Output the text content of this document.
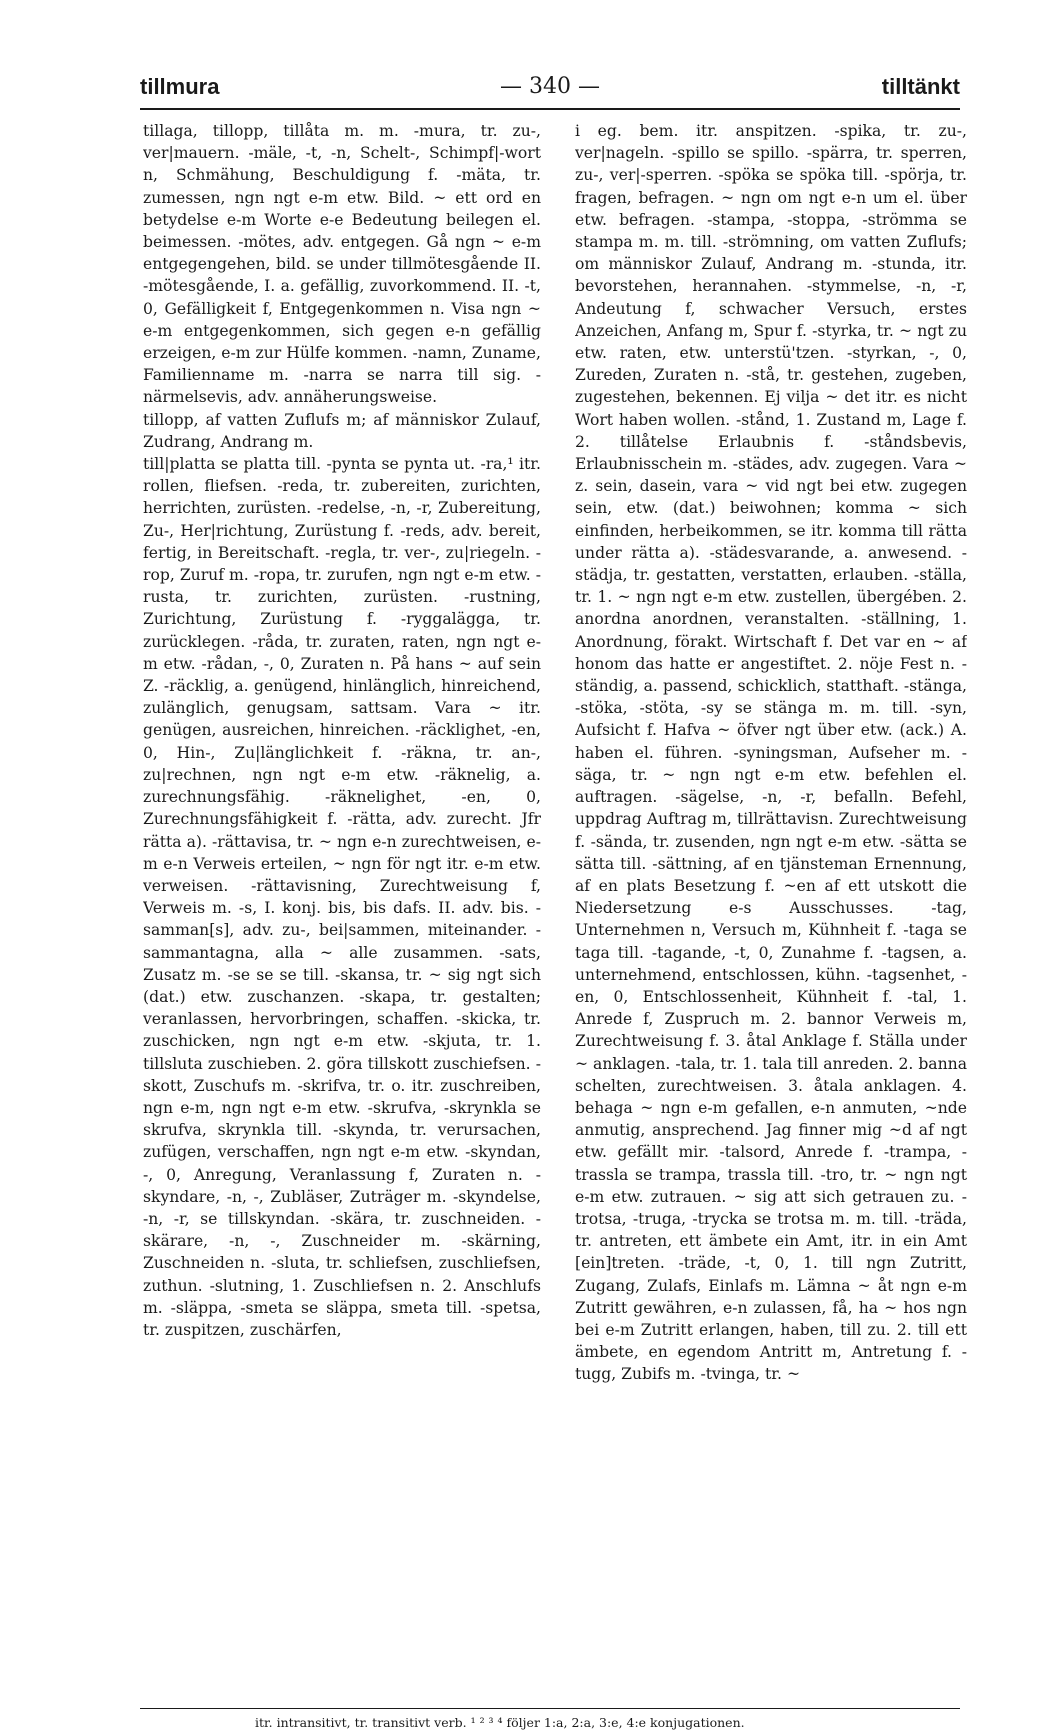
tillmura	— 340 —	tilltänkt

tillaga, tillopp, tillåta m. m. -mura, tr. zu-, ver|mauern. -mäle, -t, -n, Schelt-, Schimpf|-wort n, Schmähung, Beschuldigung f. -mäta, tr. zumessen, ngn ngt e-m etw. Bild. ~ ett ord en betydelse e-m Worte e-e Bedeutung beilegen el. beimessen. -mötes, adv. entgegen. Gå ngn ~ e-m entgegengehen, bild. se under tillmötesgående II. -mötesgående, I. a. gefällig, zuvorkommend. II. -t, 0, Gefälligkeit f, Entgegenkommen n. Visa ngn ~ e-m entgegenkommen, sich gegen e-n gefällig erzeigen, e-m zur Hülfe kommen. -namn, Zuname, Familienname m. -narra se narra till sig. -närmelsevis, adv. annäherungsweise.

tillopp, af vatten Zuflufs m; af människor Zulauf, Zudrang, Andrang m.

till|platta se platta till. -pynta se pynta ut. -ra,¹ itr. rollen, fliefsen. -reda, tr. zubereiten, zurichten, herrichten, zurüsten. -redelse, -n, -r, Zubereitung, Zu-, Her|richtung, Zurüstung f. -reds, adv. bereit, fertig, in Bereitschaft. -regla, tr. ver-, zu|riegeln. -rop, Zuruf m. -ropa, tr. zurufen, ngn ngt e-m etw. -rusta, tr. zurichten, zurüsten. -rustning, Zurichtung, Zurüstung f. -ryggalägga, tr. zurücklegen. -råda, tr. zuraten, raten, ngn ngt e-m etw. -rådan, -, 0, Zuraten n. På hans ~ auf sein Z. -räcklig, a. genügend, hinlänglich, hinreichend, zulänglich, genugsam, sattsam. Vara ~ itr. genügen, ausreichen, hinreichen. -räcklighet, -en, 0, Hin-, Zu|länglichkeit f. -räkna, tr. an-, zu|rechnen, ngn ngt e-m etw. -räknelig, a. zurechnungsfähig. -räknelighet, -en, 0, Zurechnungsfähigkeit f. -rätta, adv. zurecht. Jfr rätta a). -rättavisa, tr. ~ ngn e-n zurechtweisen, e-m e-n Verweis erteilen, ~ ngn för ngt itr. e-m etw. verweisen. -rättavisning, Zurechtweisung f, Verweis m. -s, I. konj. bis, bis dafs. II. adv. bis. -samman[s], adv. zu-, bei|sammen, miteinander. -sammantagna, alla ~ alle zusammen. -sats, Zusatz m. -se se se till. -skansa, tr. ~ sig ngt sich (dat.) etw. zuschanzen. -skapa, tr. gestalten; veranlassen, hervorbringen, schaffen. -skicka, tr. zuschicken, ngn ngt e-m etw. -skjuta, tr. 1. tillsluta zuschieben. 2. göra tillskott zuschiefsen. -skott, Zuschufs m. -skrifva, tr. o. itr. zuschreiben, ngn e-m, ngn ngt e-m etw. -skrufva, -skrynkla se skrufva, skrynkla till. -skynda, tr. verursachen, zufügen, verschaffen, ngn ngt e-m etw. -skyndan, -, 0, Anregung, Veranlassung f, Zuraten n. -skyndare, -n, -, Zubläser, Zuträger m. -skyndelse, -n, -r, se tillskyndan. -skära, tr. zuschneiden. -skärare, -n, -, Zuschneider m. -skärning, Zuschneiden n. -sluta, tr. schliefsen, zuschliefsen, zuthun. -slutning, 1. Zuschliefsen n. 2. Anschlufs m. -släppa, -smeta se släppa, smeta till. -spetsa, tr. zuspitzen, zuschärfen,

i eg. bem. itr. anspitzen. -spika, tr. zu-, ver|nageln. -spillo se spillo. -spärra, tr. sperren, zu-, ver|-sperren. -spöka se spöka till. -spörja, tr. fragen, befragen. ~ ngn om ngt e-n um el. über etw. befragen. -stampa, -stoppa, -strömma se stampa m. m. till. -strömning, om vatten Zuflufs; om människor Zulauf, Andrang m. -stunda, itr. bevorstehen, herannahen. -stymmelse, -n, -r, Andeutung f, schwacher Versuch, erstes Anzeichen, Anfang m, Spur f. -styrka, tr. ~ ngt zu etw. raten, etw. unterstü'tzen. -styrkan, -, 0, Zureden, Zuraten n. -stå, tr. gestehen, zugeben, zugestehen, bekennen. Ej vilja ~ det itr. es nicht Wort haben wollen. -stånd, 1. Zustand m, Lage f. 2. tillåtelse Erlaubnis f. -ståndsbevis, Erlaubnisschein m. -städes, adv. zugegen. Vara ~ z. sein, dasein, vara ~ vid ngt bei etw. zugegen sein, etw. (dat.) beiwohnen; komma ~ sich einfinden, herbeikommen, se itr. komma till rätta under rätta a). -städesvarande, a. anwesend. -städja, tr. gestatten, verstatten, erlauben. -ställa, tr. 1. ~ ngn ngt e-m etw. zustellen, übergében. 2. anordna anordnen, veranstalten. -ställning, 1. Anordnung, förakt. Wirtschaft f. Det var en ~ af honom das hatte er angestiftet. 2. nöje Fest n. -ständig, a. passend, schicklich, statthaft. -stänga, -stöka, -stöta, -sy se stänga m. m. till. -syn, Aufsicht f. Hafva ~ öfver ngt über etw. (ack.) A. haben el. führen. -syningsman, Aufseher m. -säga, tr. ~ ngn ngt e-m etw. befehlen el. auftragen. -sägelse, -n, -r, befalln. Befehl, uppdrag Auftrag m, tillrättavisn. Zurechtweisung f. -sända, tr. zusenden, ngn ngt e-m etw. -sätta se sätta till. -sättning, af en tjänsteman Ernennung, af en plats Besetzung f. ~en af ett utskott die Niedersetzung e-s Ausschusses. -tag, Unternehmen n, Versuch m, Kühnheit f. -taga se taga till. -tagande, -t, 0, Zunahme f. -tagsen, a. unternehmend, entschlossen, kühn. -tagsenhet, -en, 0, Entschlossenheit, Kühnheit f. -tal, 1. Anrede f, Zuspruch m. 2. bannor Verweis m, Zurechtweisung f. 3. åtal Anklage f. Ställa under ~ anklagen. -tala, tr. 1. tala till anreden. 2. banna schelten, zurechtweisen. 3. åtala anklagen. 4. behaga ~ ngn e-m gefallen, e-n anmuten, ~nde anmutig, ansprechend. Jag finner mig ~d af ngt etw. gefällt mir. -talsord, Anrede f. -trampa, -trassla se trampa, trassla till. -tro, tr. ~ ngn ngt e-m etw. zutrauen. ~ sig att sich getrauen zu. -trotsa, -truga, -trycka se trotsa m. m. till. -träda, tr. antreten, ett ämbete ein Amt, itr. in ein Amt [ein]treten. -träde, -t, 0, 1. till ngn Zutritt, Zugang, Zulafs, Einlafs m. Lämna ~ åt ngn e-m Zutritt gewähren, e-n zulassen, få, ha ~ hos ngn bei e-m Zutritt erlangen, haben, till zu. 2. till ett ämbete, en egendom Antritt m, Antretung f. -tugg, Zubifs m. -tvinga, tr. ~

itr. intransitivt, tr. transitivt verb. ¹ ² ³ ⁴ följer 1:a, 2:a, 3:e, 4:e konjugationen.
